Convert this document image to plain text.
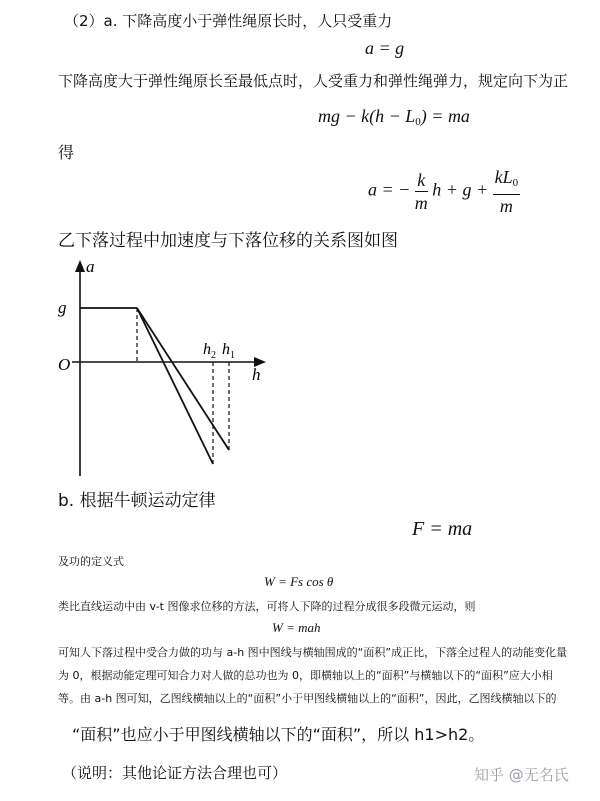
（2）a. 下降高度小于弹性绳原长时，人只受重力
a = g
下降高度大于弹性绳原长至最低点时，人受重力和弹性绳弹力，规定向下为正
mg − $k(h - L_0)$ = ma
得
a = − $\frac{k}{m}$ $h + g + \frac{kL_0}{m}$
乙下落过程中加速度与下落位移的关系图如图
a
g
O
h
$h_2$ $h_1$
b. 根据牛顿运动定律
F = ma
及功的定义式
W = Fs cos θ
类比直线运动中由 v-t 图像求位移的方法，可将人下降的过程分成很多段微元运动，则
W = mah
可知人下落过程中受合力做的功与 a-h 图中图线与横轴围成的“面积”成正比，下落全过程人的动能变化量
为 0，根据动能定理可知合力对人做的总功也为 0，即横轴以上的“面积”与横轴以下的“面积”应大小相
等。由 a-h 图可知，乙图线横轴以上的“面积”小于甲图线横轴以上的“面积”，因此，乙图线横轴以下的
“面积”也应小于甲图线横轴以下的“面积”，所以 h1>h2。
（说明：其他论证方法合理也可）	知乎 @无名氏
